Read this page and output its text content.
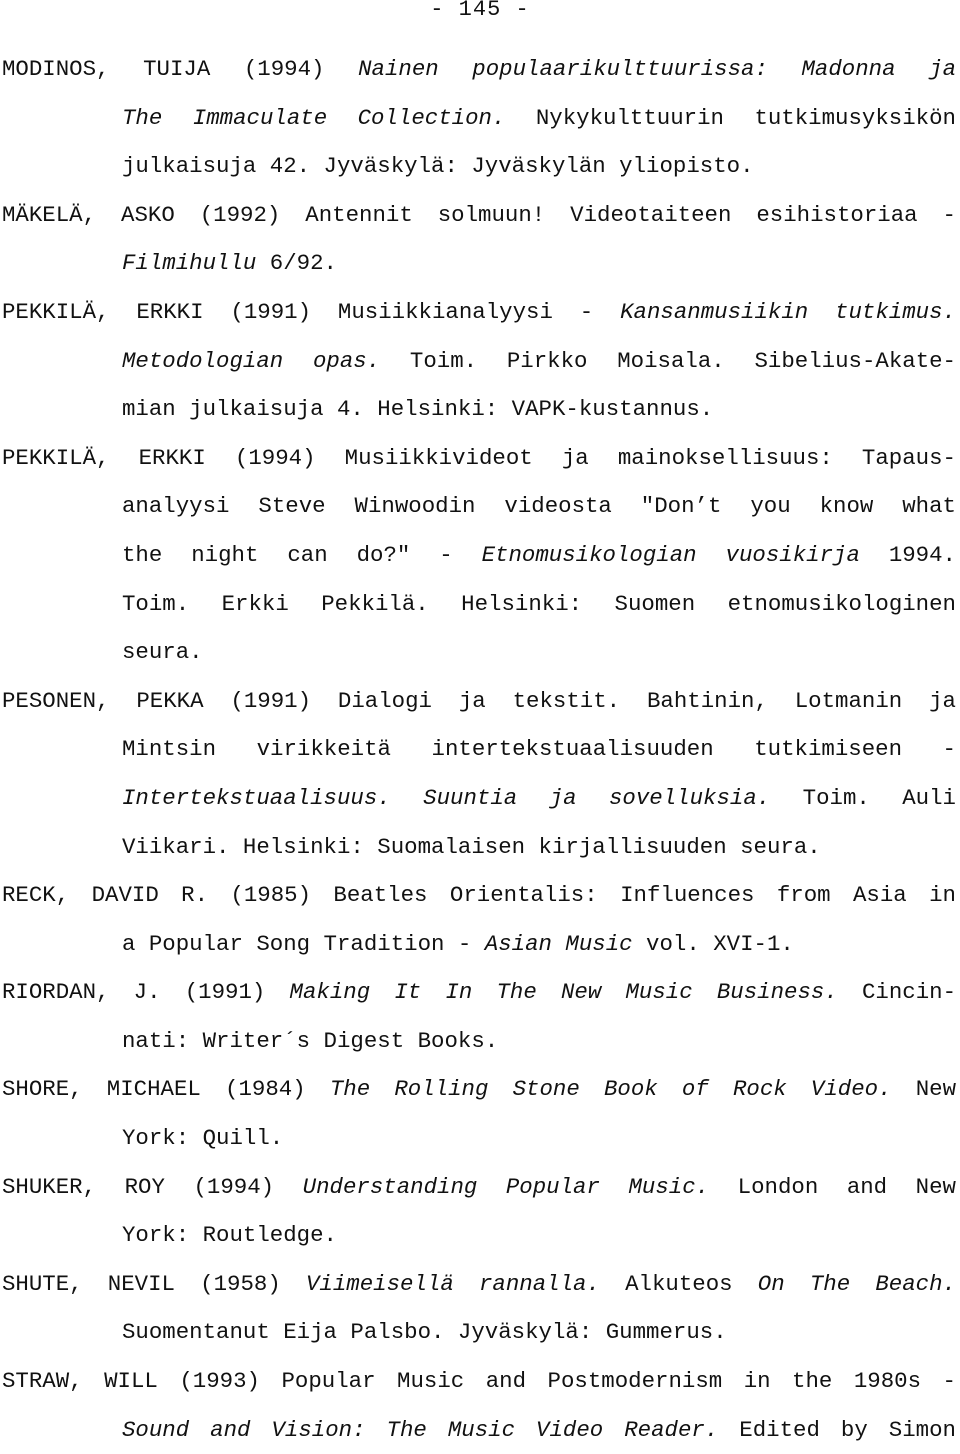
- 145 -
MODINOS, TUIJA (1994) Nainen populaarikulttuurissa: Madonna ja
The Immaculate Collection. Nykykulttuurin tutkimusyksikön
julkaisuja 42. Jyväskylä: Jyväskylän yliopisto.
MÄKELÄ, ASKO (1992) Antennit solmuun! Videotaiteen esihistoriaa -
Filmihullu 6/92.
PEKKILÄ, ERKKI (1991) Musiikkianalyysi - Kansanmusiikin tutkimus.
Metodologian opas. Toim. Pirkko Moisala. Sibelius-Akate-
mian julkaisuja 4. Helsinki: VAPK-kustannus.
PEKKILÄ, ERKKI (1994) Musiikkivideot ja mainoksellisuus: Tapaus-
analyysi Steve Winwoodin videosta "Don’t you know what
the night can do?" - Etnomusikologian vuosikirja 1994.
Toim. Erkki Pekkilä. Helsinki: Suomen etnomusikologinen
seura.
PESONEN, PEKKA (1991) Dialogi ja tekstit. Bahtinin, Lotmanin ja
Mintsin virikkeitä intertekstuaalisuuden tutkimiseen -
Intertekstuaalisuus. Suuntia ja sovelluksia. Toim. Auli
Viikari. Helsinki: Suomalaisen kirjallisuuden seura.
RECK, DAVID R. (1985) Beatles Orientalis: Influences from Asia in
a Popular Song Tradition - Asian Music vol. XVI-1.
RIORDAN, J. (1991) Making It In The New Music Business. Cincin-
nati: Writer´s Digest Books.
SHORE, MICHAEL (1984) The Rolling Stone Book of Rock Video. New
York: Quill.
SHUKER, ROY (1994) Understanding Popular Music. London and New
York: Routledge.
SHUTE, NEVIL (1958) Viimeisellä rannalla. Alkuteos On The Beach.
Suomentanut Eija Palsbo. Jyväskylä: Gummerus.
STRAW, WILL (1993) Popular Music and Postmodernism in the 1980s -
Sound and Vision: The Music Video Reader. Edited by Simon
